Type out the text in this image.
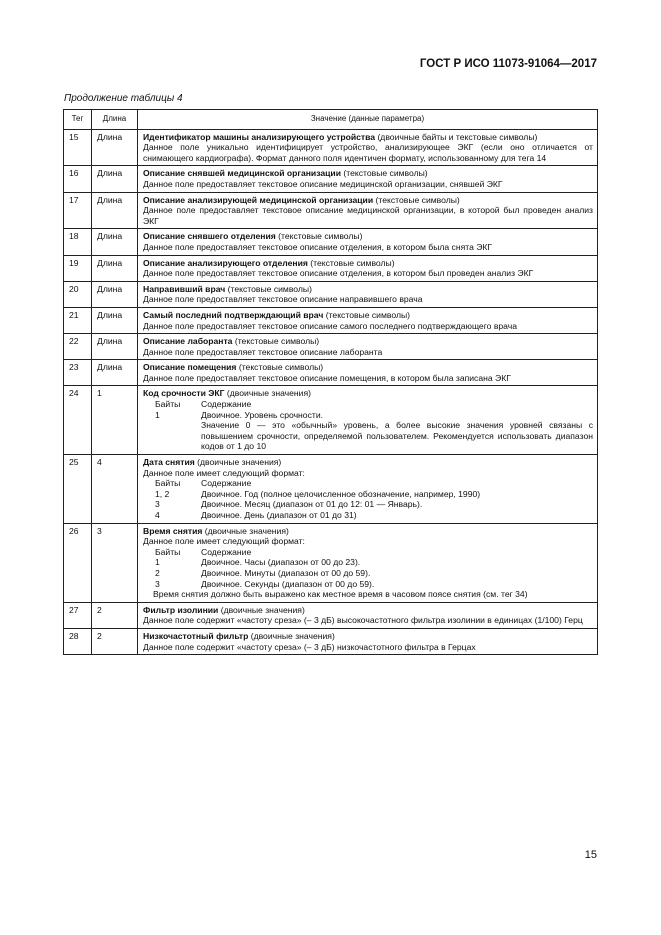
ГОСТ Р ИСО 11073-91064—2017
Продолжение таблицы 4
Тег	Длина	Значение (данные параметра)
15	Длина	Идентификатор машины анализирующего устройства (двоичные байты и текстовые символы)
Данное поле уникально идентифицирует устройство, анализирующее ЭКГ (если оно отличается от снимающего кардиографа). Формат данного поля идентичен формату, использованному для тега 14

16	Длина	Описание снявшей медицинской организации (текстовые символы)
Данное поле предоставляет текстовое описание медицинской организации, снявшей ЭКГ

17	Длина	Описание анализирующей медицинской организации (текстовые символы)
Данное поле предоставляет текстовое описание медицинской организации, в которой был проведен анализ ЭКГ

18	Длина	Описание снявшего отделения (текстовые символы)
Данное поле предоставляет текстовое описание отделения, в котором была снята ЭКГ

19	Длина	Описание анализирующего отделения (текстовые символы)
Данное поле предоставляет текстовое описание отделения, в котором был проведен анализ ЭКГ

20	Длина	Направивший врач (текстовые символы)
Данное поле предоставляет текстовое описание направившего врача

21	Длина	Самый последний подтверждающий врач (текстовые символы)
Данное поле предоставляет текстовое описание самого последнего подтверждающего врача

22	Длина	Описание лаборанта (текстовые символы)
Данное поле предоставляет текстовое описание лаборанта

23	Длина	Описание помещения (текстовые символы)
Данное поле предоставляет текстовое описание помещения, в котором была записана ЭКГ

24	1	Код срочности ЭКГ (двоичные значения)
Байты	Содержание
1	Двоичное. Уровень срочности.
	Значение 0 — это «обычный» уровень, а более высокие значения уровней связаны с повышением срочности, определяемой пользователем. Рекомендуется использовать диапазон кодов от 1 до 10

25	4	Дата снятия (двоичные значения)
Данное поле имеет следующий формат:
Байты	Содержание
1, 2	Двоичное. Год (полное целочисленное обозначение, например, 1990)
3	Двоичное. Месяц (диапазон от 01 до 12: 01 — Январь).
4	Двоичное. День (диапазон от 01 до 31)

26	3	Время снятия (двоичные значения)
Данное поле имеет следующий формат:
Байты	Содержание
1	Двоичное. Часы (диапазон от 00 до 23).
2	Двоичное. Минуты (диапазон от 00 до 59).
3	Двоичное. Секунды (диапазон от 00 до 59).
Время снятия должно быть выражено как местное время в часовом поясе снятия (см. тег 34)

27	2	Фильтр изолинии (двоичные значения)
Данное поле содержит «частоту среза» (– 3 дБ) высокочастотного фильтра изолинии в единицах (1/100) Герц

28	2	Низкочастотный фильтр (двоичные значения)
Данное поле содержит «частоту среза» (– 3 дБ) низкочастотного фильтра в Герцах
15
